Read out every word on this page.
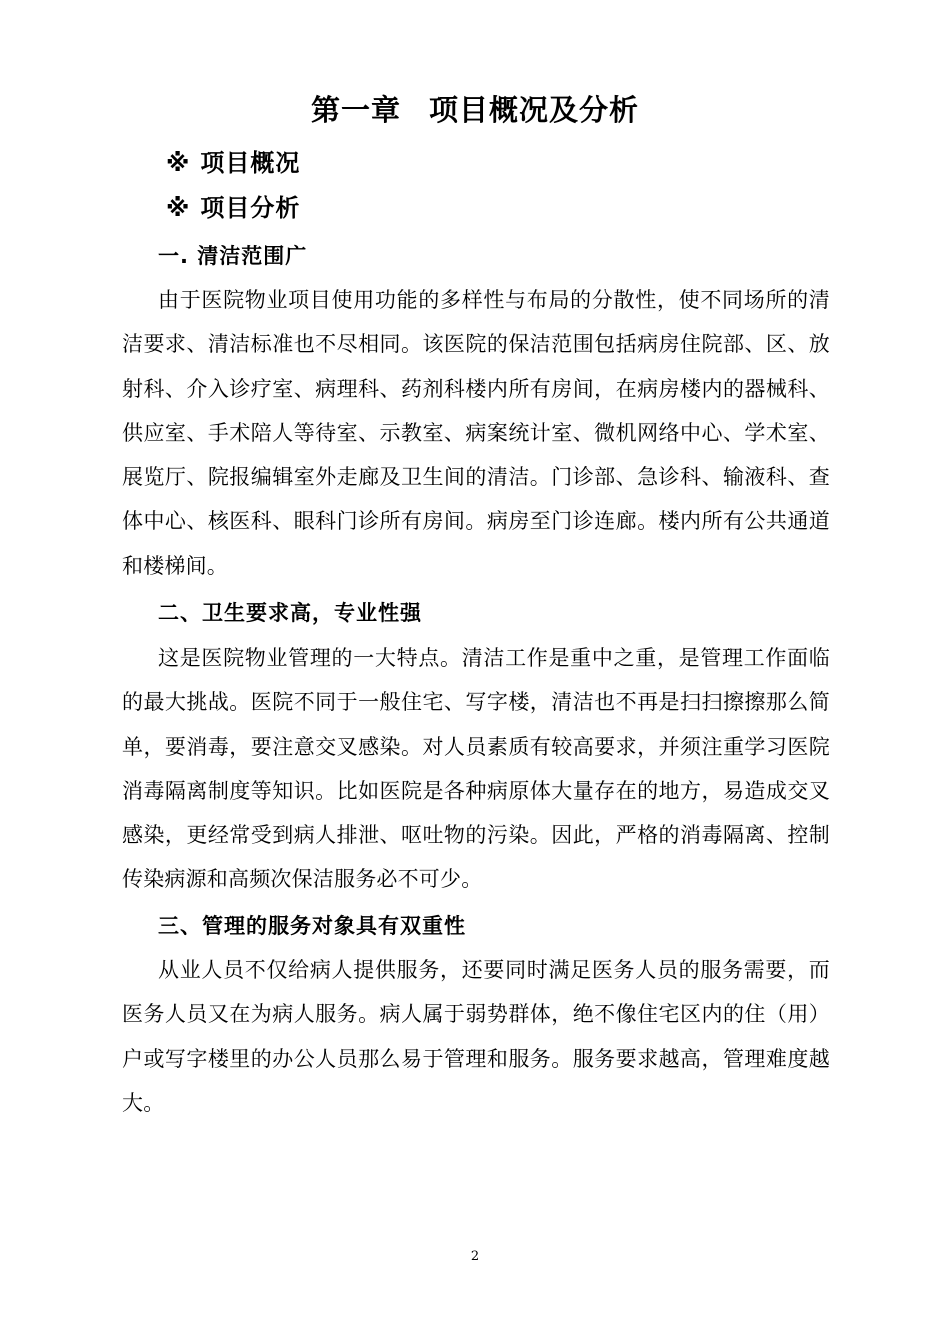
第一章 项目概况及分析
※ 项目概况
※ 项目分析
一. 清洁范围广
由于医院物业项目使用功能的多样性与布局的分散性，使不同场所的清洁要求、清洁标准也不尽相同。该医院的保洁范围包括病房住院部、区、放射科、介入诊疗室、病理科、药剂科楼内所有房间，在病房楼内的器械科、供应室、手术陪人等待室、示教室、病案统计室、微机网络中心、学术室、展览厅、院报编辑室外走廊及卫生间的清洁。门诊部、急诊科、输液科、查体中心、核医科、眼科门诊所有房间。病房至门诊连廊。楼内所有公共通道和楼梯间。
二、卫生要求高，专业性强
这是医院物业管理的一大特点。清洁工作是重中之重，是管理工作面临的最大挑战。医院不同于一般住宅、写字楼，清洁也不再是扫扫擦擦那么简单，要消毒，要注意交叉感染。对人员素质有较高要求，并须注重学习医院消毒隔离制度等知识。比如医院是各种病原体大量存在的地方，易造成交叉感染，更经常受到病人排泄、呕吐物的污染。因此，严格的消毒隔离、控制传染病源和高频次保洁服务必不可少。
三、管理的服务对象具有双重性
从业人员不仅给病人提供服务，还要同时满足医务人员的服务需要，而医务人员又在为病人服务。病人属于弱势群体，绝不像住宅区内的住（用）户或写字楼里的办公人员那么易于管理和服务。服务要求越高，管理难度越大。
2
